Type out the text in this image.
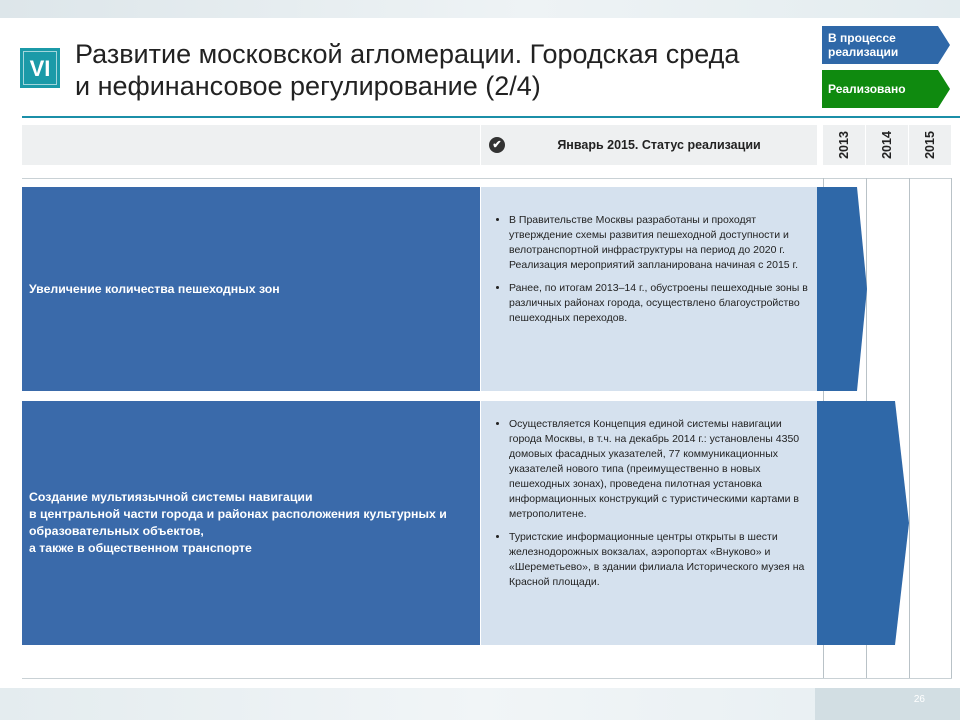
VI Развитие московской агломерации. Городская среда
и нефинансовое регулирование (2/4)
В процессе реализации
Реализовано
✔	Январь 2015. Статус реализации	2013 2014 2015
Увеличение количества пешеходных зон
• В Правительстве Москвы разработаны и проходят утверждение схемы развития пешеходной доступности и велотранспортной инфраструктуры на период до 2020 г. Реализация мероприятий запланирована начиная с 2015 г.
• Ранее, по итогам 2013–14 г., обустроены пешеходные зоны в различных районах города, осуществлено благоустройство пешеходных переходов.
Создание мультиязычной системы навигации
в центральной части города и районах расположения культурных и образовательных объектов,
а также в общественном транспорте
• Осуществляется Концепция единой системы навигации города Москвы, в т.ч. на декабрь 2014 г.: установлены 4350 домовых фасадных указателей, 77 коммуникационных указателей нового типа (преимущественно в новых пешеходных зонах), проведена пилотная установка информационных конструкций с туристическими картами в метрополитене.
• Туристские информационные центры открыты в шести железнодорожных вокзалах, аэропортах «Внуково» и «Шереметьево», в здании филиала Исторического музея на Красной площади.
26
